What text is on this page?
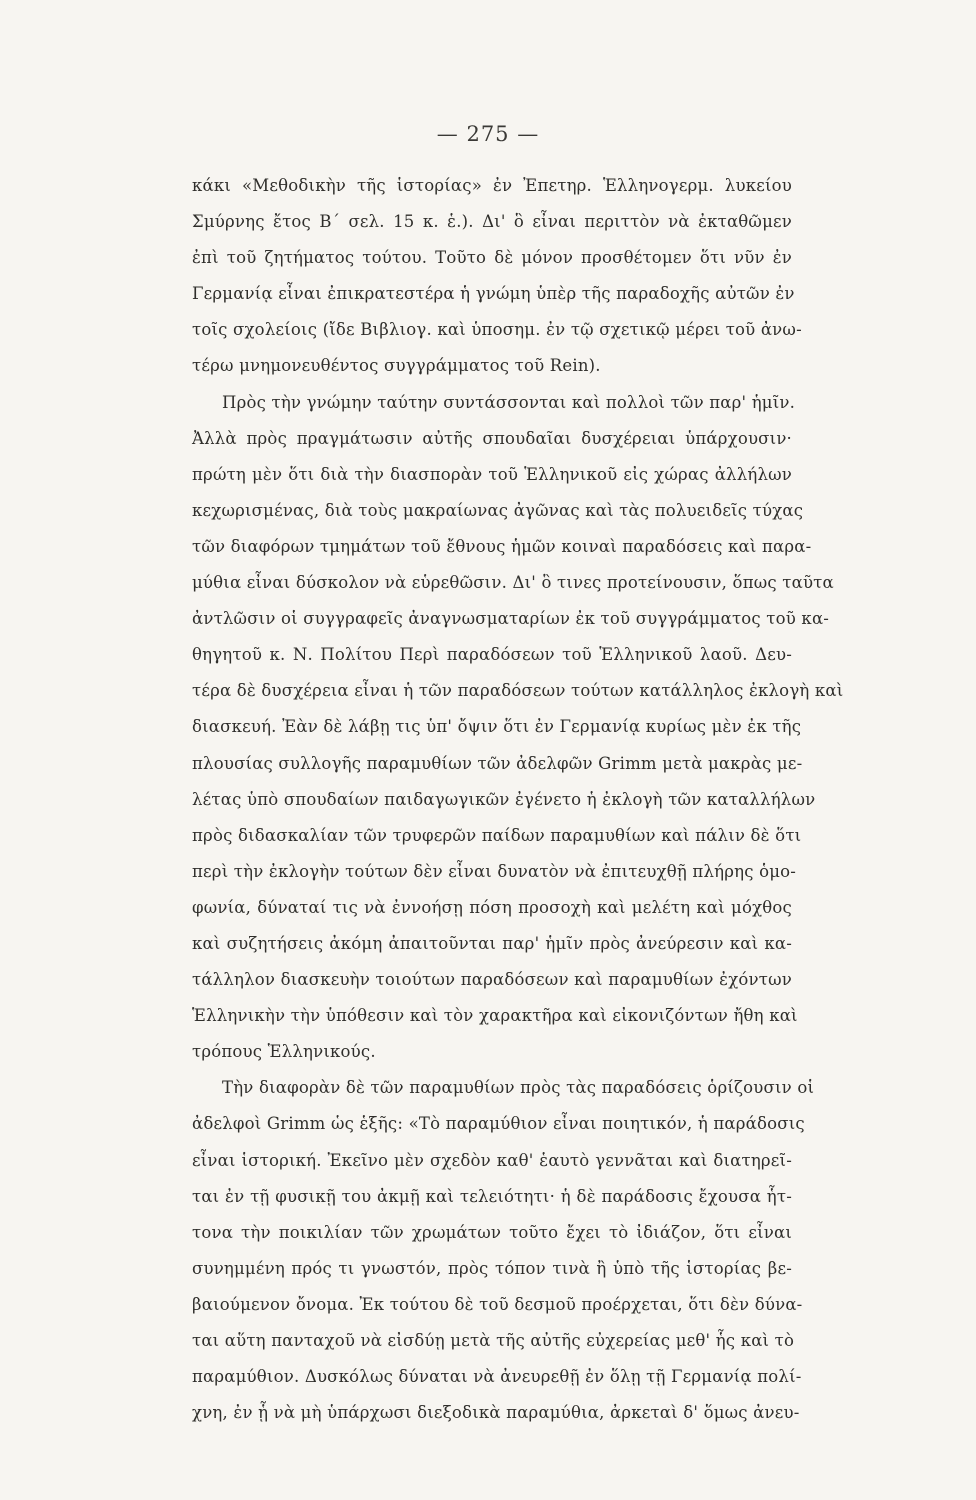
— 275 —

κάκι «Μεθοδικὴν τῆς ἱστορίας» ἐν Ἐπετηρ. Ἑλληνογερμ. λυκείου
Σμύρνης ἔτος Β´ σελ. 15 κ. ἑ.). Δι' ὃ εἶναι περιττὸν νὰ ἐκταθῶμεν
ἐπὶ τοῦ ζητήματος τούτου. Τοῦτο δὲ μόνον προσθέτομεν ὅτι νῦν ἐν
Γερμανίᾳ εἶναι ἐπικρατεστέρα ἡ γνώμη ὑπὲρ τῆς παραδοχῆς αὐτῶν ἐν
τοῖς σχολείοις (ἴδε Βιβλιογ. καὶ ὑποσημ. ἐν τῷ σχετικῷ μέρει τοῦ ἀνω-
τέρω μνημονευθέντος συγγράμματος τοῦ Rein).

Πρὸς τὴν γνώμην ταύτην συντάσσονται καὶ πολλοὶ τῶν παρ' ἡμῖν.
Ἀλλὰ πρὸς πραγμάτωσιν αὐτῆς σπουδαῖαι δυσχέρειαι ὑπάρχουσιν·
πρώτη μὲν ὅτι διὰ τὴν διασπορὰν τοῦ Ἑλληνικοῦ εἰς χώρας ἀλλήλων
κεχωρισμένας, διὰ τοὺς μακραίωνας ἀγῶνας καὶ τὰς πολυειδεῖς τύχας
τῶν διαφόρων τμημάτων τοῦ ἔθνους ἡμῶν κοιναὶ παραδόσεις καὶ παρα-
μύθια εἶναι δύσκολον νὰ εὑρεθῶσιν. Δι' ὃ τινες προτείνουσιν, ὅπως ταῦτα
ἀντλῶσιν οἱ συγγραφεῖς ἀναγνωσματαρίων ἐκ τοῦ συγγράμματος τοῦ κα-
θηγητοῦ κ. Ν. Πολίτου Περὶ παραδόσεων τοῦ Ἑλληνικοῦ λαοῦ. Δευ-
τέρα δὲ δυσχέρεια εἶναι ἡ τῶν παραδόσεων τούτων κατάλληλος ἐκλογὴ καὶ
διασκευή. Ἐὰν δὲ λάβῃ τις ὑπ' ὄψιν ὅτι ἐν Γερμανίᾳ κυρίως μὲν ἐκ τῆς
πλουσίας συλλογῆς παραμυθίων τῶν ἀδελφῶν Grimm μετὰ μακρὰς με-
λέτας ὑπὸ σπουδαίων παιδαγωγικῶν ἐγένετο ἡ ἐκλογὴ τῶν καταλλήλων
πρὸς διδασκαλίαν τῶν τρυφερῶν παίδων παραμυθίων καὶ πάλιν δὲ ὅτι
περὶ τὴν ἐκλογὴν τούτων δὲν εἶναι δυνατὸν νὰ ἐπιτευχθῇ πλήρης ὁμο-
φωνία, δύναταί τις νὰ ἐννοήσῃ πόση προσοχὴ καὶ μελέτη καὶ μόχθος
καὶ συζητήσεις ἀκόμη ἀπαιτοῦνται παρ' ἡμῖν πρὸς ἀνεύρεσιν καὶ κα-
τάλληλον διασκευὴν τοιούτων παραδόσεων καὶ παραμυθίων ἐχόντων
Ἑλληνικὴν τὴν ὑπόθεσιν καὶ τὸν χαρακτῆρα καὶ εἰκονιζόντων ἤθη καὶ
τρόπους Ἑλληνικούς.

Τὴν διαφορὰν δὲ τῶν παραμυθίων πρὸς τὰς παραδόσεις ὁρίζουσιν οἱ
ἀδελφοὶ Grimm ὡς ἑξῆς: «Τὸ παραμύθιον εἶναι ποιητικόν, ἡ παράδοσις
εἶναι ἱστορική. Ἐκεῖνο μὲν σχεδὸν καθ' ἑαυτὸ γεννᾶται καὶ διατηρεῖ-
ται ἐν τῇ φυσικῇ του ἀκμῇ καὶ τελειότητι· ἡ δὲ παράδοσις ἔχουσα ἧτ-
τονα τὴν ποικιλίαν τῶν χρωμάτων τοῦτο ἔχει τὸ ἰδιάζον, ὅτι εἶναι
συνημμένη πρός τι γνωστόν, πρὸς τόπον τινὰ ἢ ὑπὸ τῆς ἱστορίας βε-
βαιούμενον ὄνομα. Ἐκ τούτου δὲ τοῦ δεσμοῦ προέρχεται, ὅτι δὲν δύνα-
ται αὕτη πανταχοῦ νὰ εἰσδύῃ μετὰ τῆς αὐτῆς εὐχερείας μεθ' ἧς καὶ τὸ
παραμύθιον. Δυσκόλως δύναται νὰ ἀνευρεθῇ ἐν ὅλῃ τῇ Γερμανίᾳ πολί-
χνη, ἐν ᾗ νὰ μὴ ὑπάρχωσι διεξοδικὰ παραμύθια, ἀρκεταὶ δ' ὅμως ἀνευ-
